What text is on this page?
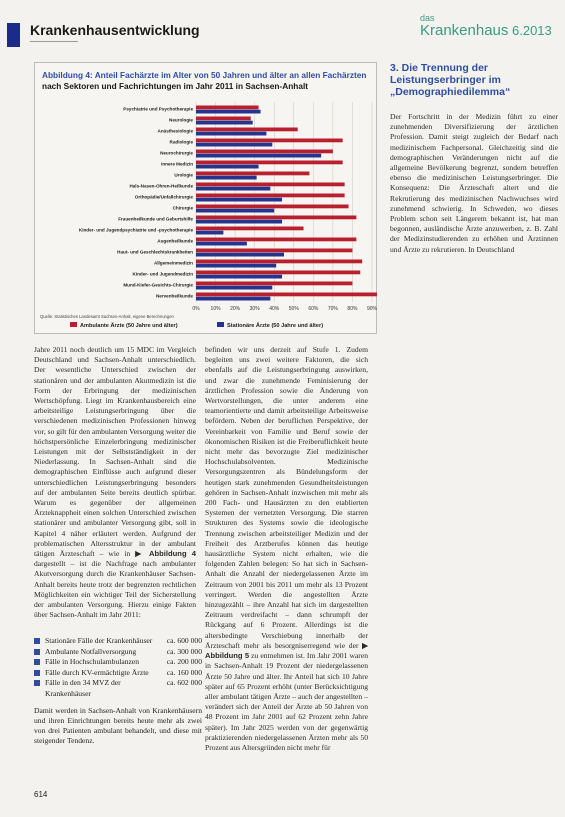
Krankenhausentwicklung
das
Krankenhaus 6.2013
Abbildung 4: Anteil Fachärzte im Alter von 50 Jahren und älter an allen Fachärzten
nach Sektoren und Fachrichtungen im Jahr 2011 in Sachsen-Anhalt
Psychiatrie und Psychotherapie
Neurologie
Anästhesiologie
Radiologie
Neurochirurgie
Innere Medizin
Urologie
Hals-Nasen-Ohren-Heilkunde
Orthopädie/Unfallchirurgie
Chirurgie
Frauenheilkunde und Geburtshilfe
Kinder- und Jugendpsychiatrie und -psychotherapie
Augenheilkunde
Haut- und Geschlechtskrankheiten
Allgemeinmedizin
Kinder- und Jugendmedizin
Mund-Kiefer-Gesichts-Chirurgie
Nervenheilkunde
0% 10% 20% 30% 40% 50% 60% 70% 80% 90%
Quelle: Statistisches Landesamt Sachsen-Anhalt, eigene Berechnungen
Ambulante Ärzte (50 Jahre und älter)	Stationäre Ärzte (50 Jahre und älter)
3. Die Trennung der
Leistungserbringer im
„Demographiedilemma“

Der Fortschritt in der Medizin führt zu einer zunehmenden Diversifizierung der ärztlichen Profession. Damit steigt zugleich der Bedarf nach medizinischem Fachpersonal. Gleichzeitig sind die demographischen Veränderungen nicht auf die allgemeine Bevölkerung begrenzt, sondern betreffen ebenso die medizinischen Leistungserbringer. Die Konsequenz: Die Ärzteschaft altert und die Rekrutierung des medizinischen Nachwuchses wird zunehmend schwierig. In Schweden, wo dieses Problem schon seit Längerem bekannt ist, hat man begonnen, ausländische Ärzte anzuwerben, z. B. Zahl der Medizinstudierenden zu erhöhen und Ärztinnen und Ärzte zu rekrutieren. In Deutschland

Jahre 2011 noch deutlich um 15 MDC im Vergleich Deutschland und Sachsen-Anhalt unterschiedlich. Der wesentliche Unterschied zwischen der stationären und der ambulanten Akutmedizin ist die Form der Erbringung der medizinischen Wertschöpfung. Liegt im Krankenhausbereich eine arbeitsteilige Leistungserbringung über die verschiedenen medizinischen Professionen hinweg vor, so gilt für den ambulanten Versorgung weiter die höchstpersönliche Einzelerbringung medizinischer Leistungen mit der Selbstständigkeit in der Niederlassung. In Sachsen-Anhalt sind die demographischen Einflüsse auch aufgrund dieser unterschiedlichen Leistungserbringung besonders auf der ambulanten Seite bereits deutlich spürbar. Warum es gegenüber der allgemeinen Ärzteknappheit einen solchen Unterschied zwischen stationärer und ambulanter Versorgung gibt, soll in Kapitel 4 näher erläutert werden. Aufgrund der problematischen Altersstruktur in der ambulant tätigen Ärzteschaft – wie in ▶ Abbildung 4 dargestellt – ist die Nachfrage nach ambulanter Akutversorgung durch die Krankenhäuser Sachsen-Anhalt bereits heute trotz der begrenzten rechtlichen Möglichkeiten ein wichtiger Teil der Sicherstellung der ambulanten Versorgung. Hierzu einige Fakten über Sachsen-Anhalt im Jahr 2011:

befinden wir uns derzeit auf Stufe 1. Zudem begleiten uns zwei weitere Faktoren, die sich ebenfalls auf die Leistungserbringung auswirken, und zwar die zunehmende Feminisierung der ärztlichen Profession sowie die Änderung von Wertvorstellungen, die unter anderem eine teamorientierte und damit arbeitsteilige Arbeitsweise befördern. Neben der beruflichen Perspektive, der Vereinbarkeit von Familie und Beruf sowie der ökonomischen Risiken ist die Freiberuflichkeit heute nicht mehr das bevorzugte Ziel medizinischer Hochschulabsolventen. Medizinische Versorgungszentren als Bündelungsform der heutigen stark zunehmenden Gesundheitsleistungen gehören in Sachsen-Anhalt inzwischen mit mehr als 200 Fach- und Hausärzten zu den etablierten Systemen der vernetzten Versorgung. Die starren Strukturen des Systems sowie die ideologische Trennung zwischen arbeitsteiliger Medizin und der Freiheit des Arztberufes können das heutige hausärztliche System nicht erhalten, wie die folgenden Zahlen belegen: So hat sich in Sachsen-Anhalt die Anzahl der niedergelassenen Ärzte im Zeitraum von 2001 bis 2011 um mehr als 13 Prozent verringert. Werden die angestellten Ärzte hinzugezählt – ihre Anzahl hat sich im dargestellten Zeitraum verdreifacht – dann schrumpft der Rückgang auf 6 Prozent. Allerdings ist die altersbedingte Verschiebung innerhalb der Ärzteschaft mehr als besorgniserregend wie der ▶ Abbildung 5 zu entnehmen ist. Im Jahr 2001 waren in Sachsen-Anhalt 19 Prozent der niedergelassenen Ärzte 50 Jahre und älter. Ihr Anteil hat sich 10 Jahre später auf 65 Prozent erhöht (unter Berücksichtigung aller ambulant tätigen Ärzte – auch der angestellten – verändert sich der Anteil der Ärzte ab 50 Jahren von 48 Prozent im Jahr 2001 auf 62 Prozent zehn Jahre später). Im Jahr 2025 werden von der gegenwärtig praktizierenden niedergelassenen Ärzten mehr als 50 Prozent aus Altersgründen nicht mehr für

Stationäre Fälle der Krankenhäuser	ca. 600 000
Ambulante Notfallversorgung	ca. 300 000
Fälle in Hochschulambulanzen	ca. 200 000
Fälle durch KV-ermächtigte Ärzte	ca. 160 000
Fälle in den 34 MVZ der Krankenhäuser
ca. 602 000

Damit werden in Sachsen-Anhalt von Krankenhäusern und ihren Einrichtungen bereits heute mehr als zwei von drei Patienten ambulant behandelt, und diese mit steigender Tendenz.

614
